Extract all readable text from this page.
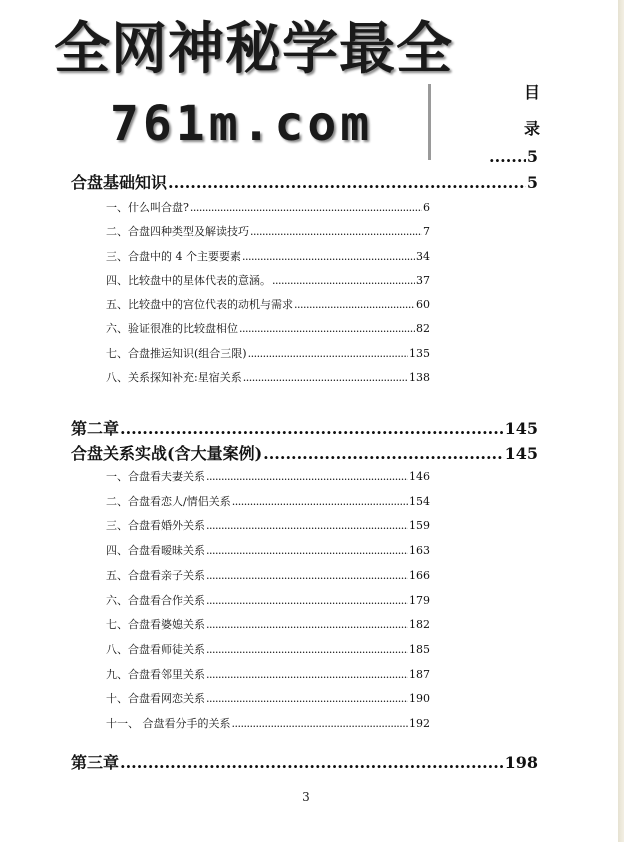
全网神秘学最全
761m.com
目
录
.....
5
合盘基础知识 .....	5
一、什么叫合盘? .....	6
二、合盘四种类型及解读技巧 .....	7
三、合盘中的 4 个主要要素 .....	34
四、比较盘中的星体代表的意涵。 .....	37
五、比较盘中的宫位代表的动机与需求 .....	60
六、验证很准的比较盘相位 .....	82
七、合盘推运知识(组合三限) .....	135
八、关系探知补充:星宿关系 .....	138
第二章 .....	145
合盘关系实战(含大量案例) .....	145
一、合盘看夫妻关系 .....	146
二、合盘看恋人/情侣关系 .....	154
三、合盘看婚外关系 .....	159
四、合盘看暧昧关系 .....	163
五、合盘看亲子关系 .....	166
六、合盘看合作关系 .....	179
七、合盘看婆媳关系 .....	182
八、合盘看师徒关系 .....	185
九、合盘看邻里关系 .....	187
十、合盘看网恋关系 .....	190
十一、 合盘看分手的关系 .....	192
第三章 .....	198
3
